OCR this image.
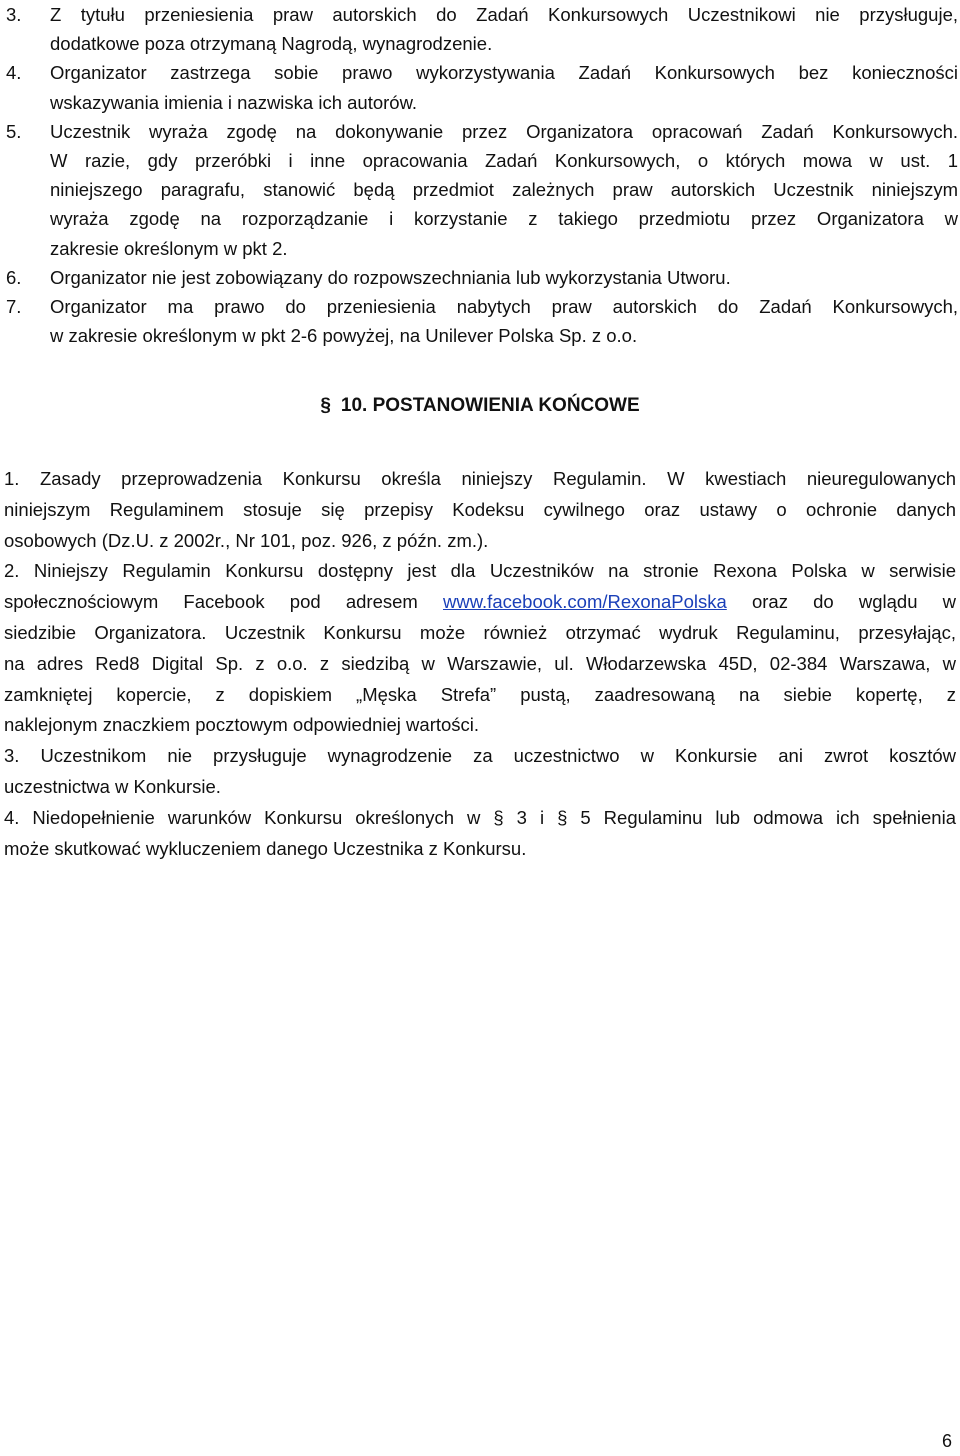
3.	Z tytułu przeniesienia praw autorskich do Zadań Konkursowych Uczestnikowi nie przysługuje,
dodatkowe poza otrzymaną Nagrodą, wynagrodzenie.
4.	Organizator zastrzega sobie prawo wykorzystywania Zadań Konkursowych bez konieczności
wskazywania imienia i nazwiska ich autorów.
5.	Uczestnik wyraża zgodę na dokonywanie przez Organizatora opracowań Zadań Konkursowych.
W razie, gdy przeróbki i inne opracowania Zadań Konkursowych, o których mowa w ust. 1
niniejszego paragrafu, stanowić będą przedmiot zależnych praw autorskich Uczestnik niniejszym
wyraża zgodę na rozporządzanie i korzystanie z takiego przedmiotu przez Organizatora w
zakresie określonym w pkt 2.
6.	Organizator nie jest zobowiązany do rozpowszechniania lub wykorzystania Utworu.
7.	Organizator ma prawo do przeniesienia nabytych praw autorskich do Zadań Konkursowych,
w zakresie określonym w pkt 2-6 powyżej, na Unilever Polska Sp. z o.o.
§ 10. POSTANOWIENIA KOŃCOWE
1. Zasady przeprowadzenia Konkursu określa niniejszy Regulamin. W kwestiach nieuregulowanych
niniejszym Regulaminem stosuje się przepisy Kodeksu cywilnego oraz ustawy o ochronie danych
osobowych (Dz.U. z 2002r., Nr 101, poz. 926, z późn. zm.).
2. Niniejszy Regulamin Konkursu dostępny jest dla Uczestników na stronie Rexona Polska w serwisie
społecznościowym Facebook pod adresem www.facebook.com/RexonaPolska oraz do wglądu w
siedzibie Organizatora. Uczestnik Konkursu może również otrzymać wydruk Regulaminu, przesyłając,
na adres Red8 Digital Sp. z o.o. z siedzibą w Warszawie, ul. Włodarzewska 45D, 02-384 Warszawa, w
zamkniętej kopercie, z dopiskiem „Męska Strefa” pustą, zaadresowaną na siebie kopertę, z
naklejonym znaczkiem pocztowym odpowiedniej wartości.
3. Uczestnikom nie przysługuje wynagrodzenie za uczestnictwo w Konkursie ani zwrot kosztów
uczestnictwa w Konkursie.
4. Niedopełnienie warunków Konkursu określonych w § 3 i § 5 Regulaminu lub odmowa ich spełnienia
może skutkować wykluczeniem danego Uczestnika z Konkursu.
6
